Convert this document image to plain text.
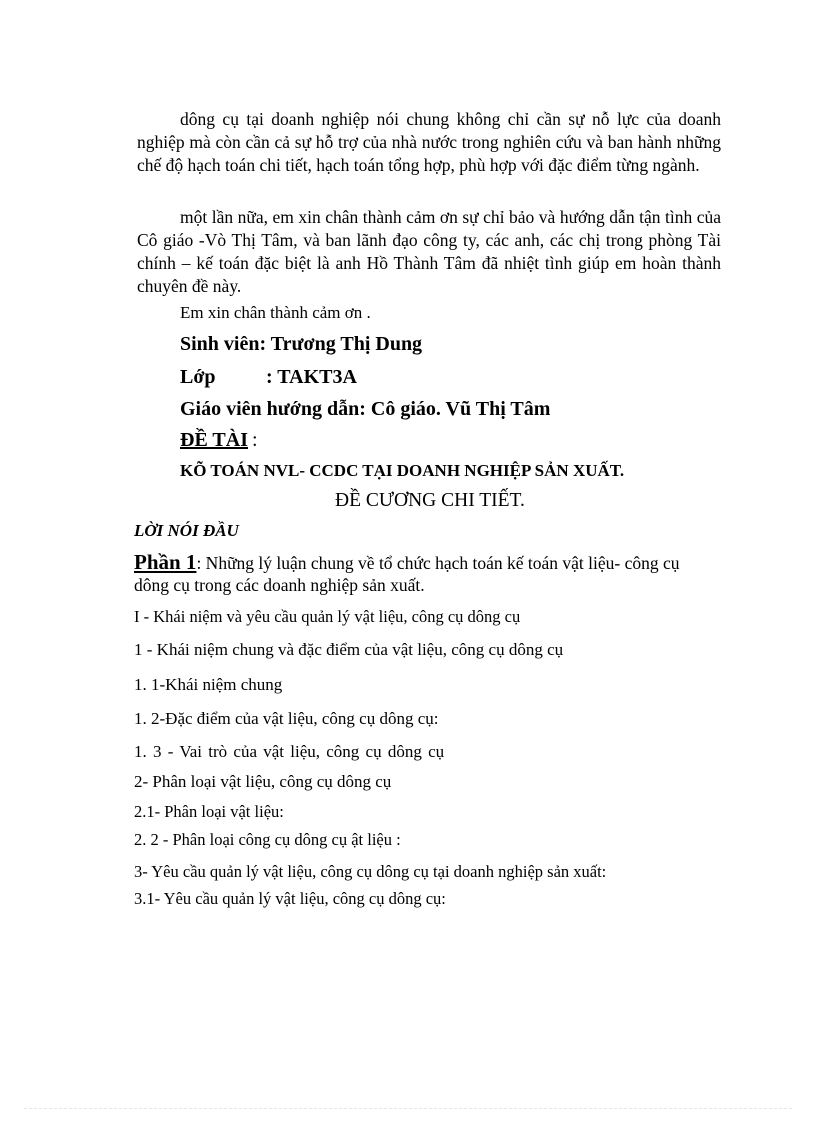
dông cụ tại doanh nghiệp nói chung không chỉ cần sự nỗ lực của doanh nghiệp mà còn cần cả sự hỗ trợ của nhà nước trong nghiên cứu và ban hành những chế độ hạch toán chi tiết, hạch toán tổng hợp, phù hợp với đặc điểm từng ngành.
một lần nữa, em xin chân thành cảm ơn sự chỉ bảo và hướng dẫn tận tình của Cô giáo -Vò Thị Tâm, và ban lãnh đạo công ty, các anh, các chị trong phòng Tài chính – kế toán đặc biệt là anh Hồ Thành Tâm đã nhiệt tình giúp em hoàn thành chuyên đề này.
Em xin chân thành cảm ơn .
Sinh viên: Trương Thị Dung
Lớp	: TAKT3A
Giáo viên hướng dẫn: Cô giáo. Vũ Thị Tâm
ĐỀ TÀI :
KÕ TOÁN NVL- CCDC TẠI DOANH NGHIỆP SẢN XUẤT.
ĐỀ CƯƠNG CHI TIẾT.
LỜI NÓI ĐẦU
Phần 1: Những lý luận chung về tổ chức hạch toán kế toán vật liệu- công cụ
dông cụ trong các doanh nghiệp sản xuất.
I - Khái niệm và yêu cầu quản lý vật liệu, công cụ dông cụ
1 - Khái niệm chung và đặc điểm của vật liệu, công cụ dông cụ
1. 1-Khái niệm chung
1. 2-Đặc điểm của vật liệu, công cụ dông cụ:
1. 3 - Vai trò của vật liệu, công cụ dông cụ
2- Phân loại vật liệu, công cụ dông cụ
2.1- Phân loại vật liệu:
2. 2 - Phân loại công cụ dông cụ ật liệu :
3- Yêu cầu quản lý vật liệu, công cụ dông cụ tại doanh nghiệp sản xuất:
3.1- Yêu cầu quản lý vật liệu, công cụ dông cụ:
